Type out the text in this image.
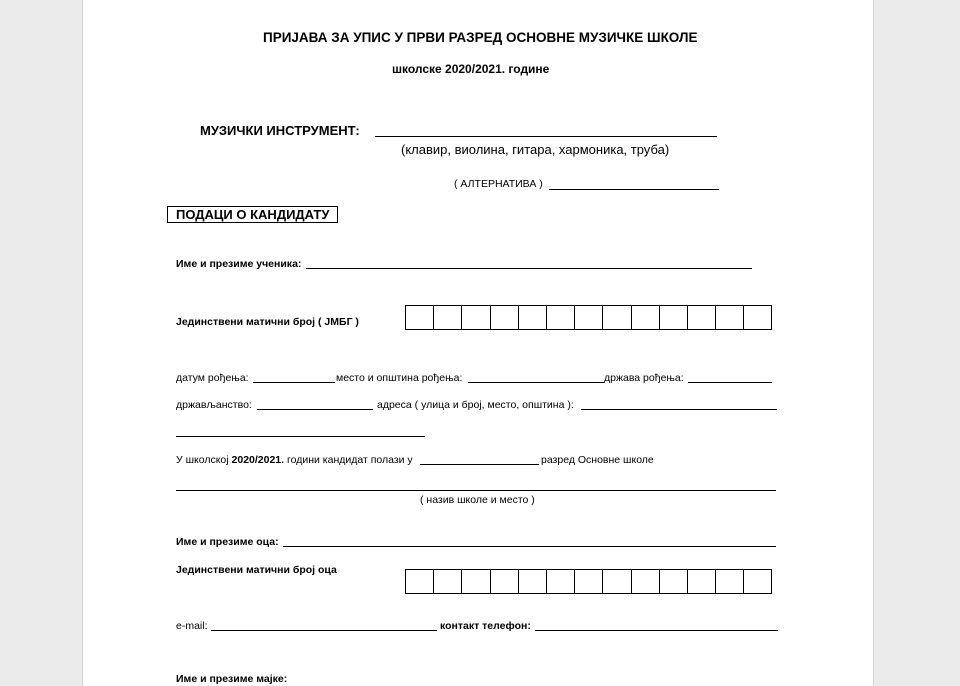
ПРИЈАВА ЗА УПИС У ПРВИ РАЗРЕД ОСНОВНЕ МУЗИЧКЕ ШКОЛЕ
школске 2020/2021. године
МУЗИЧКИ ИНСТРУМЕНТ:
(клавир, виолина, гитара, хармоника, труба)
( АЛТЕРНАТИВА )
ПОДАЦИ О КАНДИДАТУ
Име и презиме ученика:
Јединствени матични број ( ЈМБГ )
датум рођења:	место и општина рођења:	држава рођења:
држављанство:	адреса ( улица и број, место, општина ):
У школској 2020/2021. години кандидат полази у	разред Основне школе
( назив школе и место )
Име и презиме оца:
Јединствени матични број оца
e-mail:	контакт телефон:
Име и презиме мајке:
